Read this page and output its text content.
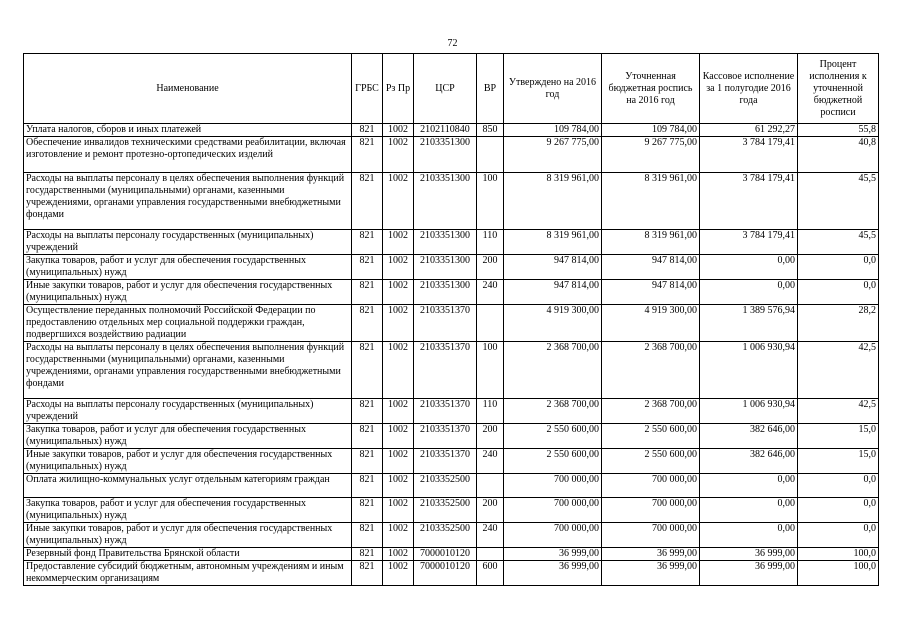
72
Наименование	ГРБС	Рз Пр	ЦСР	ВР	Утверждено на 2016 год	Уточненная бюджетная роспись на 2016 год	Кассовое исполнение за 1 полугодие 2016 года	Процент исполнения к уточненной бюджетной росписи
Уплата налогов, сборов и иных платежей	821	1002	2102110840	850	109 784,00	109 784,00	61 292,27	55,8
Обеспечение инвалидов техническими средствами реабилитации, включая изготовление и ремонт протезно-ортопедических изделий	821	1002	2103351300		9 267 775,00	9 267 775,00	3 784 179,41	40,8
Расходы на выплаты персоналу в целях обеспечения выполнения функций государственными (муниципальными) органами, казенными учреждениями, органами управления государственными внебюджетными фондами	821	1002	2103351300	100	8 319 961,00	8 319 961,00	3 784 179,41	45,5
Расходы на выплаты персоналу государственных (муниципальных) учреждений	821	1002	2103351300	110	8 319 961,00	8 319 961,00	3 784 179,41	45,5
Закупка товаров, работ и услуг для обеспечения государственных (муниципальных) нужд	821	1002	2103351300	200	947 814,00	947 814,00	0,00	0,0
Иные закупки товаров, работ и услуг для обеспечения государственных (муниципальных) нужд	821	1002	2103351300	240	947 814,00	947 814,00	0,00	0,0
Осуществление переданных полномочий Российской Федерации по предоставлению отдельных мер социальной поддержки граждан, подвергшихся воздействию радиации	821	1002	2103351370		4 919 300,00	4 919 300,00	1 389 576,94	28,2
Расходы на выплаты персоналу в целях обеспечения выполнения функций государственными (муниципальными) органами, казенными учреждениями, органами управления государственными внебюджетными фондами	821	1002	2103351370	100	2 368 700,00	2 368 700,00	1 006 930,94	42,5
Расходы на выплаты персоналу государственных (муниципальных) учреждений	821	1002	2103351370	110	2 368 700,00	2 368 700,00	1 006 930,94	42,5
Закупка товаров, работ и услуг для обеспечения государственных (муниципальных) нужд	821	1002	2103351370	200	2 550 600,00	2 550 600,00	382 646,00	15,0
Иные закупки товаров, работ и услуг для обеспечения государственных (муниципальных) нужд	821	1002	2103351370	240	2 550 600,00	2 550 600,00	382 646,00	15,0
Оплата жилищно-коммунальных услуг отдельным категориям граждан	821	1002	2103352500		700 000,00	700 000,00	0,00	0,0
Закупка товаров, работ и услуг для обеспечения государственных (муниципальных) нужд	821	1002	2103352500	200	700 000,00	700 000,00	0,00	0,0
Иные закупки товаров, работ и услуг для обеспечения государственных (муниципальных) нужд	821	1002	2103352500	240	700 000,00	700 000,00	0,00	0,0
Резервный фонд Правительства Брянской области	821	1002	7000010120		36 999,00	36 999,00	36 999,00	100,0
Предоставление субсидий бюджетным, автономным учреждениям и иным некоммерческим организациям	821	1002	7000010120	600	36 999,00	36 999,00	36 999,00	100,0
